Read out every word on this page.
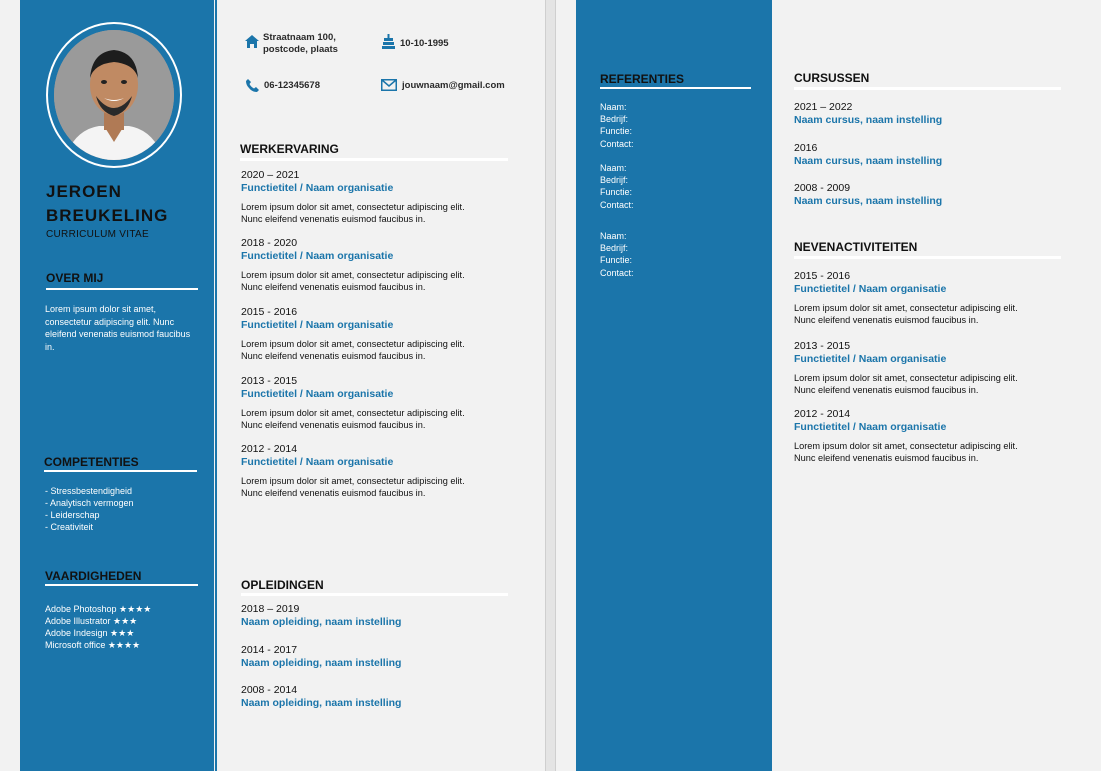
JEROEN
BREUKELING
CURRICULUM VITAE
OVER MIJ
Lorem ipsum dolor sit amet, consectetur adipiscing elit. Nunc eleifend venenatis euismod faucibus in.
COMPETENTIES
- Stressbestendigheid
- Analytisch vermogen
- Leiderschap
- Creativiteit
VAARDIGHEDEN
Adobe Photoshop ★★★★
Adobe Illustrator ★★★
Adobe Indesign ★★★
Microsoft office ★★★★
Straatnaam 100,
postcode, plaats
10-10-1995
06-12345678	jouwnaam@gmail.com
WERKERVARING
2020 – 2021
Functietitel / Naam organisatie
Lorem ipsum dolor sit amet, consectetur adipiscing elit.
Nunc eleifend venenatis euismod faucibus in.
2018 - 2020
Functietitel / Naam organisatie
Lorem ipsum dolor sit amet, consectetur adipiscing elit.
Nunc eleifend venenatis euismod faucibus in.
2015 - 2016
Functietitel / Naam organisatie
Lorem ipsum dolor sit amet, consectetur adipiscing elit.
Nunc eleifend venenatis euismod faucibus in.
2013 - 2015
Functietitel / Naam organisatie
Lorem ipsum dolor sit amet, consectetur adipiscing elit.
Nunc eleifend venenatis euismod faucibus in.
2012 - 2014
Functietitel / Naam organisatie
Lorem ipsum dolor sit amet, consectetur adipiscing elit.
Nunc eleifend venenatis euismod faucibus in.
OPLEIDINGEN
2018 – 2019
Naam opleiding, naam instelling
2014 - 2017
Naam opleiding, naam instelling
2008 - 2014
Naam opleiding, naam instelling
REFERENTIES
Naam:
Bedrijf:
Functie:
Contact:
Naam:
Bedrijf:
Functie:
Contact:
Naam:
Bedrijf:
Functie:
Contact:
CURSUSSEN
2021 – 2022
Naam cursus, naam instelling
2016
Naam cursus, naam instelling
2008 - 2009
Naam cursus, naam instelling
NEVENACTIVITEITEN
2015 - 2016
Functietitel / Naam organisatie
Lorem ipsum dolor sit amet, consectetur adipiscing elit.
Nunc eleifend venenatis euismod faucibus in.
2013 - 2015
Functietitel / Naam organisatie
Lorem ipsum dolor sit amet, consectetur adipiscing elit.
Nunc eleifend venenatis euismod faucibus in.
2012 - 2014
Functietitel / Naam organisatie
Lorem ipsum dolor sit amet, consectetur adipiscing elit.
Nunc eleifend venenatis euismod faucibus in.
